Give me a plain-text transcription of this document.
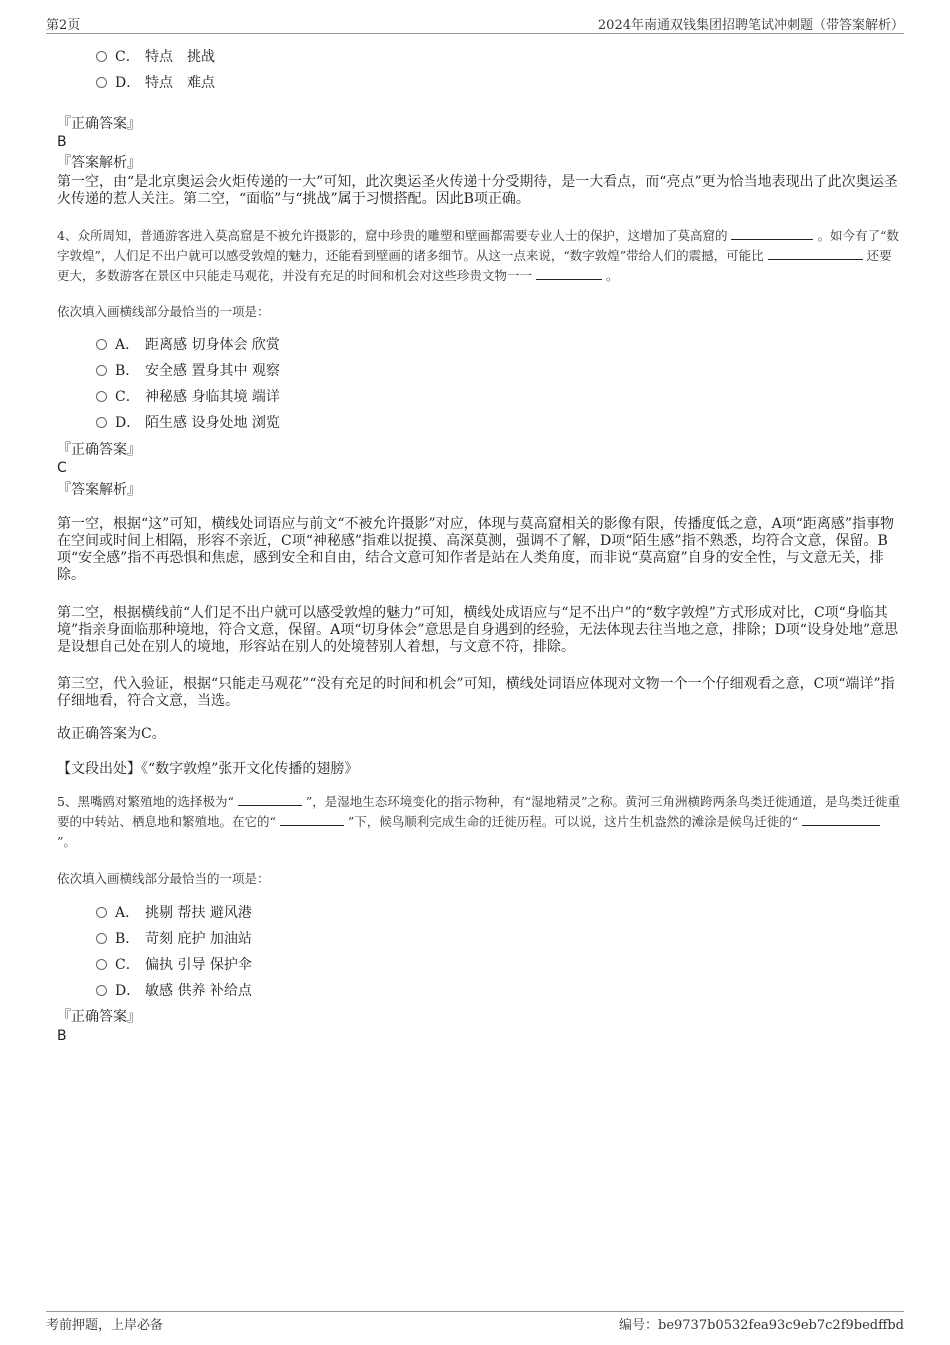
第2页	2024年南通双钱集团招聘笔试冲刺题（带答案解析）
C． 特点　挑战
D． 特点　难点
『正确答案』
B
『答案解析』
第一空，由“是北京奥运会火炬传递的一大”可知，此次奥运圣火传递十分受期待，是一大看点，而“亮点”更为恰当地表现出了此次奥运圣火传递的惹人关注。第二空，“面临”与“挑战”属于习惯搭配。因此B项正确。
4、众所周知，普通游客进入莫高窟是不被允许摄影的，窟中珍贵的雕塑和壁画都需要专业人士的保护，这增加了莫高窟的	。如今有了“数字敦煌”，人们足不出户就可以感受敦煌的魅力，还能看到壁画的诸多细节。从这一点来说，“数字敦煌”带给人们的震撼，可能比	还要更大，多数游客在景区中只能走马观花，并没有充足的时间和机会对这些珍贵文物一一	。
依次填入画横线部分最恰当的一项是：
A． 距离感 切身体会 欣赏
B． 安全感 置身其中 观察
C． 神秘感 身临其境 端详
D． 陌生感 设身处地 浏览
『正确答案』
C
『答案解析』
第一空，根据“这”可知，横线处词语应与前文“不被允许摄影”对应，体现与莫高窟相关的影像有限，传播度低之意，A项“距离感”指事物在空间或时间上相隔，形容不亲近，C项“神秘感”指难以捉摸、高深莫测，强调不了解，D项“陌生感”指不熟悉，均符合文意，保留。B项“安全感”指不再恐惧和焦虑，感到安全和自由，结合文意可知作者是站在人类角度，而非说“莫高窟”自身的安全性，与文意无关，排除。
第二空，根据横线前“人们足不出户就可以感受敦煌的魅力”可知，横线处成语应与“足不出户”的“数字敦煌”方式形成对比，C项“身临其境”指亲身面临那种境地，符合文意，保留。A项“切身体会”意思是自身遇到的经验，无法体现去往当地之意，排除；D项“设身处地”意思是设想自己处在别人的境地，形容站在别人的处境替别人着想，与文意不符，排除。
第三空，代入验证，根据“只能走马观花”“没有充足的时间和机会”可知，横线处词语应体现对文物一个一个仔细观看之意，C项“端详”指仔细地看，符合文意，当选。
故正确答案为C。
【文段出处】《“数字敦煌”张开文化传播的翅膀》
5、黑嘴鸥对繁殖地的选择极为“	”，是湿地生态环境变化的指示物种，有“湿地精灵”之称。黄河三角洲横跨两条鸟类迁徙通道，是鸟类迁徙重要的中转站、栖息地和繁殖地。在它的“	”下，候鸟顺利完成生命的迁徙历程。可以说，这片生机盎然的滩涂是候鸟迁徙的“  ”。
依次填入画横线部分最恰当的一项是：
A． 挑剔 帮扶 避风港
B． 苛刻 庇护 加油站
C． 偏执 引导 保护伞
D． 敏感 供养 补给点
『正确答案』
B
考前押题，上岸必备	编号：be9737b0532fea93c9eb7c2f9bedffbd
